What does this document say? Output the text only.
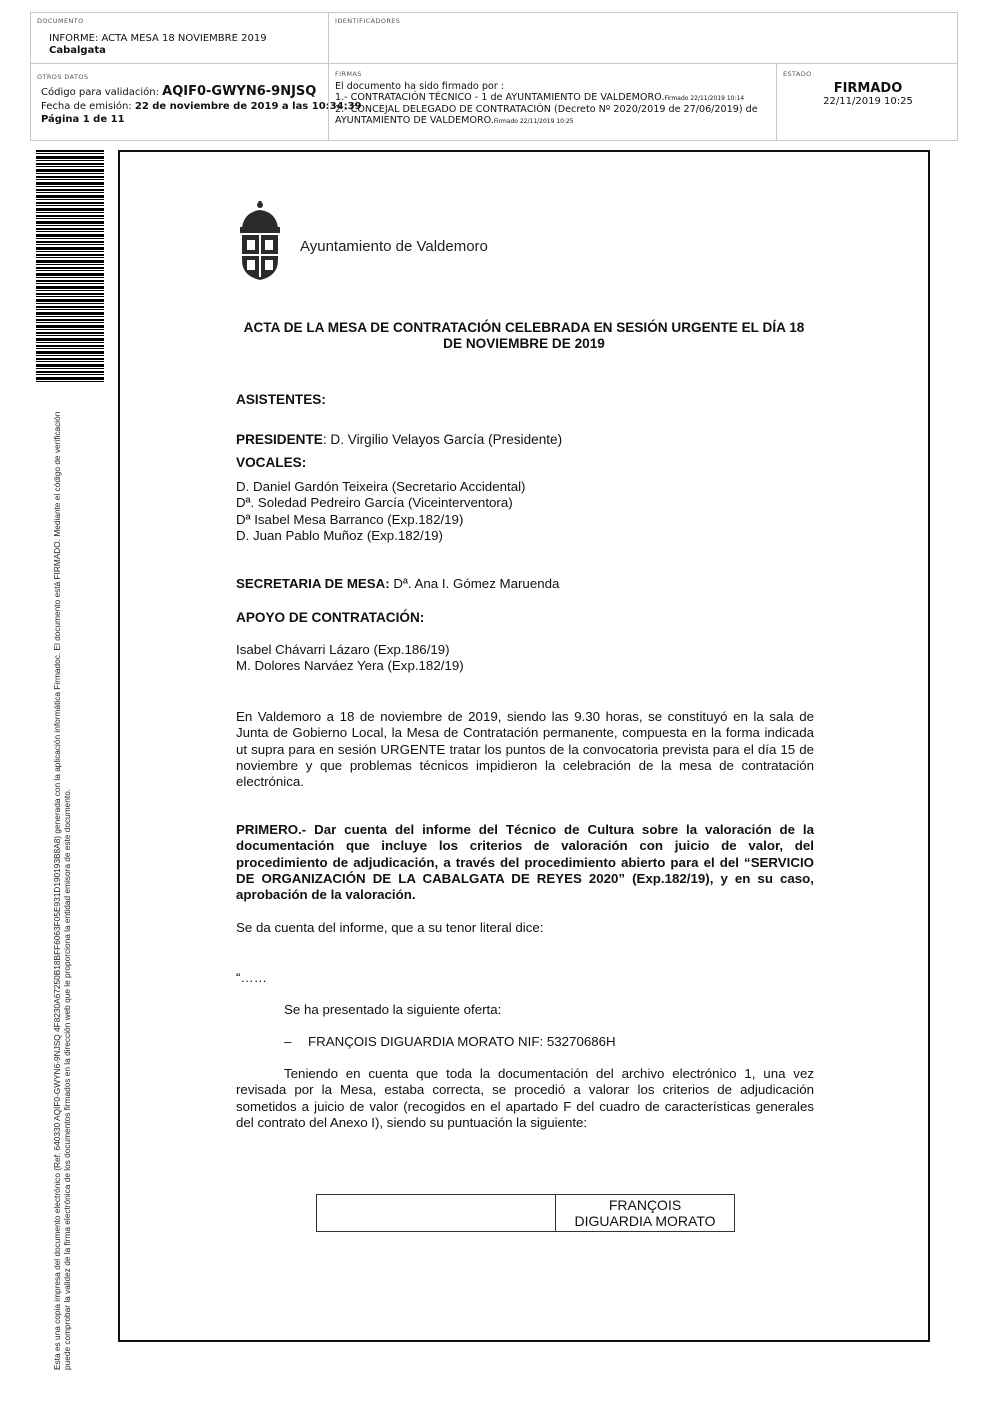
DOCUMENTO
INFORME: ACTA MESA 18 NOVIEMBRE 2019
Cabalgata
IDENTIFICADORES
OTROS DATOS
Código para validación: AQIF0-GWYN6-9NJSQ
Fecha de emisión: 22 de noviembre de 2019 a las 10:34:39
Página 1 de 11
FIRMAS
El documento ha sido firmado por :
1.- CONTRATACIÓN TÉCNICO - 1 de AYUNTAMIENTO DE VALDEMORO.Firmado 22/11/2019 10:14
2.- CONCEJAL DELEGADO DE CONTRATACIÓN (Decreto Nº 2020/2019 de 27/06/2019) de AYUNTAMIENTO DE VALDEMORO.Firmado 22/11/2019 10:25
ESTADO
FIRMADO
22/11/2019 10:25
Esta es una copia impresa del documento electrónico (Ref: 640330 AQIF0-GWYN6-9NJSQ 4F8230A67250B18BFF6063F05E931D190193B8A8) generada con la aplicación informática Firmadoc. El documento está FIRMADO. Mediante el código de verificación puede comprobar la validez de la firma electrónica de los documentos firmados en la dirección web que le proporciona la entidad emisora de este documento.
Ayuntamiento de Valdemoro
ACTA DE LA MESA DE CONTRATACIÓN CELEBRADA EN SESIÓN URGENTE EL DÍA 18 DE NOVIEMBRE DE 2019
ASISTENTES:
PRESIDENTE: D. Virgilio Velayos García (Presidente)
VOCALES:
D. Daniel Gardón Teixeira (Secretario Accidental)
Dª. Soledad Pedreiro García (Viceinterventora)
Dª Isabel Mesa Barranco (Exp.182/19)
D. Juan Pablo Muñoz (Exp.182/19)
SECRETARIA DE MESA: Dª. Ana I. Gómez Maruenda
APOYO DE CONTRATACIÓN:
Isabel Chávarri Lázaro (Exp.186/19)
M. Dolores Narváez Yera (Exp.182/19)
En Valdemoro a 18 de noviembre de 2019, siendo las 9.30 horas, se constituyó en la sala de Junta de Gobierno Local, la Mesa de Contratación permanente, compuesta en la forma indicada ut supra para en sesión URGENTE tratar los puntos de la convocatoria prevista para el día 15 de noviembre y que problemas técnicos impidieron la celebración de la mesa de contratación electrónica.
PRIMERO.- Dar cuenta del informe del Técnico de Cultura sobre la valoración de la documentación que incluye los criterios de valoración con juicio de valor, del procedimiento de adjudicación, a través del procedimiento abierto para el del “SERVICIO DE ORGANIZACIÓN DE LA CABALGATA DE REYES 2020” (Exp.182/19), y en su caso, aprobación de la valoración.
Se da cuenta del informe, que a su tenor literal dice:
“……
Se ha presentado la siguiente oferta:
– FRANÇOIS DIGUARDIA MORATO NIF: 53270686H
Teniendo en cuenta que toda la documentación del archivo electrónico 1, una vez revisada por la Mesa, estaba correcta, se procedió a valorar los criterios de adjudicación sometidos a juicio de valor (recogidos en el apartado F del cuadro de características generales del contrato del Anexo I), siendo su puntuación la siguiente:

FRANÇOIS
DIGUARDIA MORATO
